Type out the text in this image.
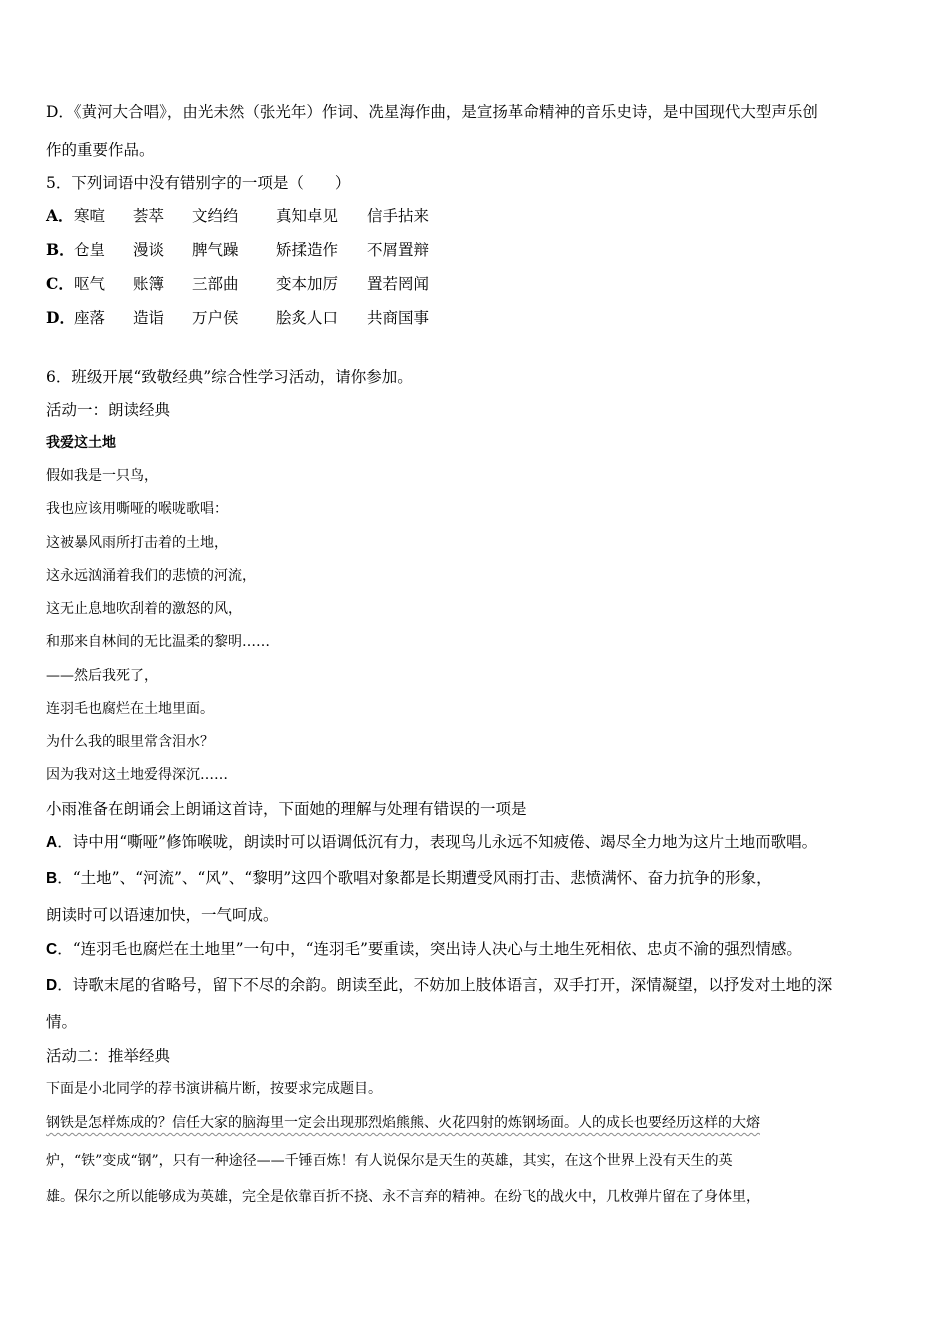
D．《黄河大合唱》，由光未然（张光年）作词、冼星海作曲，是宣扬革命精神的音乐史诗，是中国现代大型声乐创
作的重要作品。
5．下列词语中没有错别字的一项是（　　）
A． 寒喧 荟萃 文绉绉 真知卓见 信手拈来
B． 仓皇 漫谈 脾气躁 矫揉造作 不屑置辩
C． 呕气 账簿 三部曲 变本加厉 置若罔闻
D． 座落 造诣 万户侯 脍炙人口 共商国事
6．班级开展“致敬经典”综合性学习活动，请你参加。
活动一：朗读经典
我爱这土地
假如我是一只鸟，
我也应该用嘶哑的喉咙歌唱：
这被暴风雨所打击着的土地，
这永远汹涌着我们的悲愤的河流，
这无止息地吹刮着的激怒的风，
和那来自林间的无比温柔的黎明……
——然后我死了，
连羽毛也腐烂在土地里面。
为什么我的眼里常含泪水？
因为我对这土地爱得深沉……
小雨准备在朗诵会上朗诵这首诗，下面她的理解与处理有错误的一项是
A．诗中用“嘶哑”修饰喉咙，朗读时可以语调低沉有力，表现鸟儿永远不知疲倦、竭尽全力地为这片土地而歌唱。
B．“土地”、“河流”、“风”、“黎明”这四个歌唱对象都是长期遭受风雨打击、悲愤满怀、奋力抗争的形象，
朗读时可以语速加快，一气呵成。
C．“连羽毛也腐烂在土地里”一句中，“连羽毛”要重读，突出诗人决心与土地生死相依、忠贞不渝的强烈情感。
D．诗歌末尾的省略号，留下不尽的余韵。朗读至此，不妨加上肢体语言，双手打开，深情凝望，以抒发对土地的深
情。
活动二：推举经典
下面是小北同学的荐书演讲稿片断，按要求完成题目。
钢铁是怎样炼成的？信任大家的脑海里一定会出现那烈焰熊熊、火花四射的炼钢场面。人的成长也要经历这样的大熔
炉，“铁”变成“钢”，只有一种途径——千锤百炼！有人说保尔是天生的英雄，其实，在这个世界上没有天生的英
雄。保尔之所以能够成为英雄，完全是依靠百折不挠、永不言弃的精神。在纷飞的战火中，几枚弹片留在了身体里，
